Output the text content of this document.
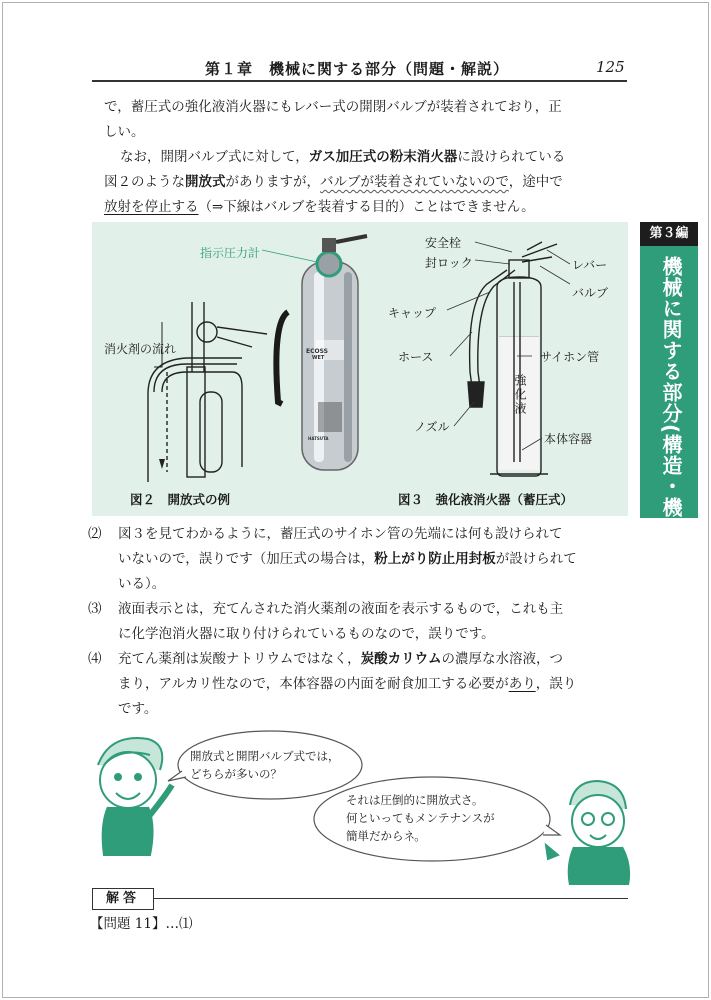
第１章　機械に関する部分（問題・解説）	125
で，蓄圧式の強化液消火器にもレバー式の開閉バルブが装着されており，正
しい。
なお，開閉バルブ式に対して，ガス加圧式の粉末消火器に設けられている
図２のような開放式がありますが，バルブが装着されていないので，途中で
放射を停止する（⇒下線はバルブを装着する目的）ことはできません。
指示圧力計
消火剤の流れ
安全栓
封ロック	レバー
バルブ
キャップ
ホース	サイホン管
強化液
ノズル
本体容器
ECOSS
WET
HATSUTA
図２　開放式の例	図３　強化液消火器（蓄圧式）
第３編
機械に関する部分(構造・機能)
⑵	図３を見てわかるように，蓄圧式のサイホン管の先端には何も設けられて
いないので，誤りです（加圧式の場合は，粉上がり防止用封板が設けられて
いる）。
⑶	液面表示とは，充てんされた消火薬剤の液面を表示するもので，これも主
に化学泡消火器に取り付けられているものなので，誤りです。
⑷	充てん薬剤は炭酸ナトリウムではなく，炭酸カリウムの濃厚な水溶液，つ
まり，アルカリ性なので，本体容器の内面を耐食加工する必要があり，誤り
です。
開放式と開閉バルブ式では，
どちらが多いの？
それは圧倒的に開放式さ。
何といってもメンテナンスが
簡単だからネ。
解答
【問題 11】…⑴
